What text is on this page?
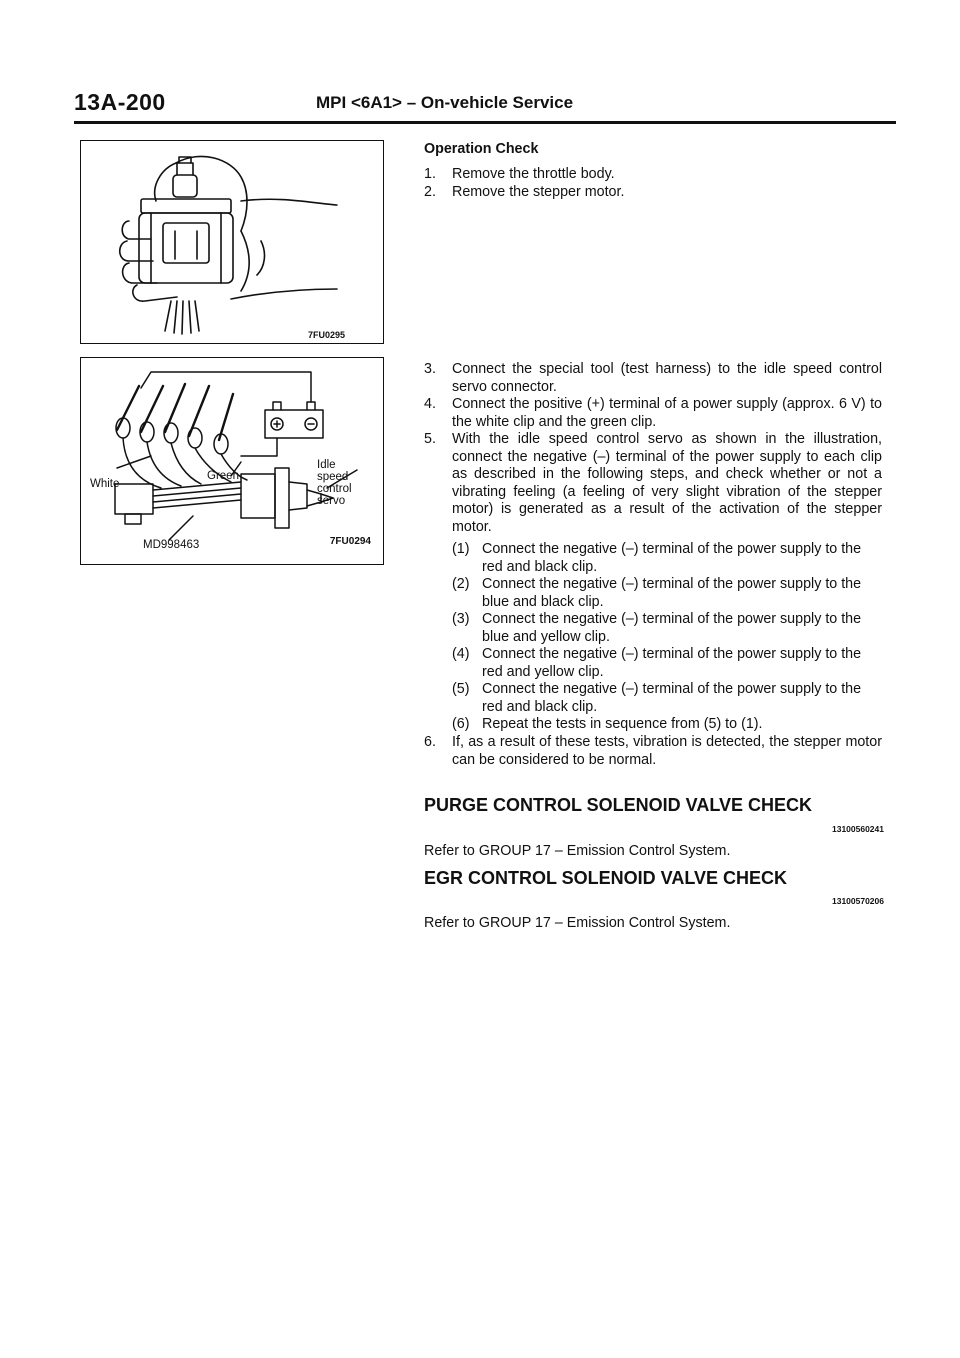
13A-200	MPI <6A1> – On-vehicle Service
7FU0295
White
Green
Idle
speed
control
servo
MD998463	7FU0294
Operation Check
1. Remove the throttle body.
2. Remove the stepper motor.
3. Connect the special tool (test harness) to the idle speed control servo connector.
4. Connect the positive (+) terminal of a power supply (approx. 6 V) to the white clip and the green clip.
5. With the idle speed control servo as shown in the illustration, connect the negative (–) terminal of the power supply to each clip as described in the following steps, and check whether or not a vibrating feeling (a feeling of very slight vibration of the stepper motor) is generated as a result of the activation of the stepper motor.
(1) Connect the negative (–) terminal of the power supply to the red and black clip.
(2) Connect the negative (–) terminal of the power supply to the blue and black clip.
(3) Connect the negative (–) terminal of the power supply to the blue and yellow clip.
(4) Connect the negative (–) terminal of the power supply to the red and yellow clip.
(5) Connect the negative (–) terminal of the power supply to the red and black clip.
(6) Repeat the tests in sequence from (5) to (1).
6. If, as a result of these tests, vibration is detected, the stepper motor can be considered to be normal.
PURGE CONTROL SOLENOID VALVE CHECK
13100560241
Refer to GROUP 17 – Emission Control System.
EGR CONTROL SOLENOID VALVE CHECK
13100570206
Refer to GROUP 17 – Emission Control System.
